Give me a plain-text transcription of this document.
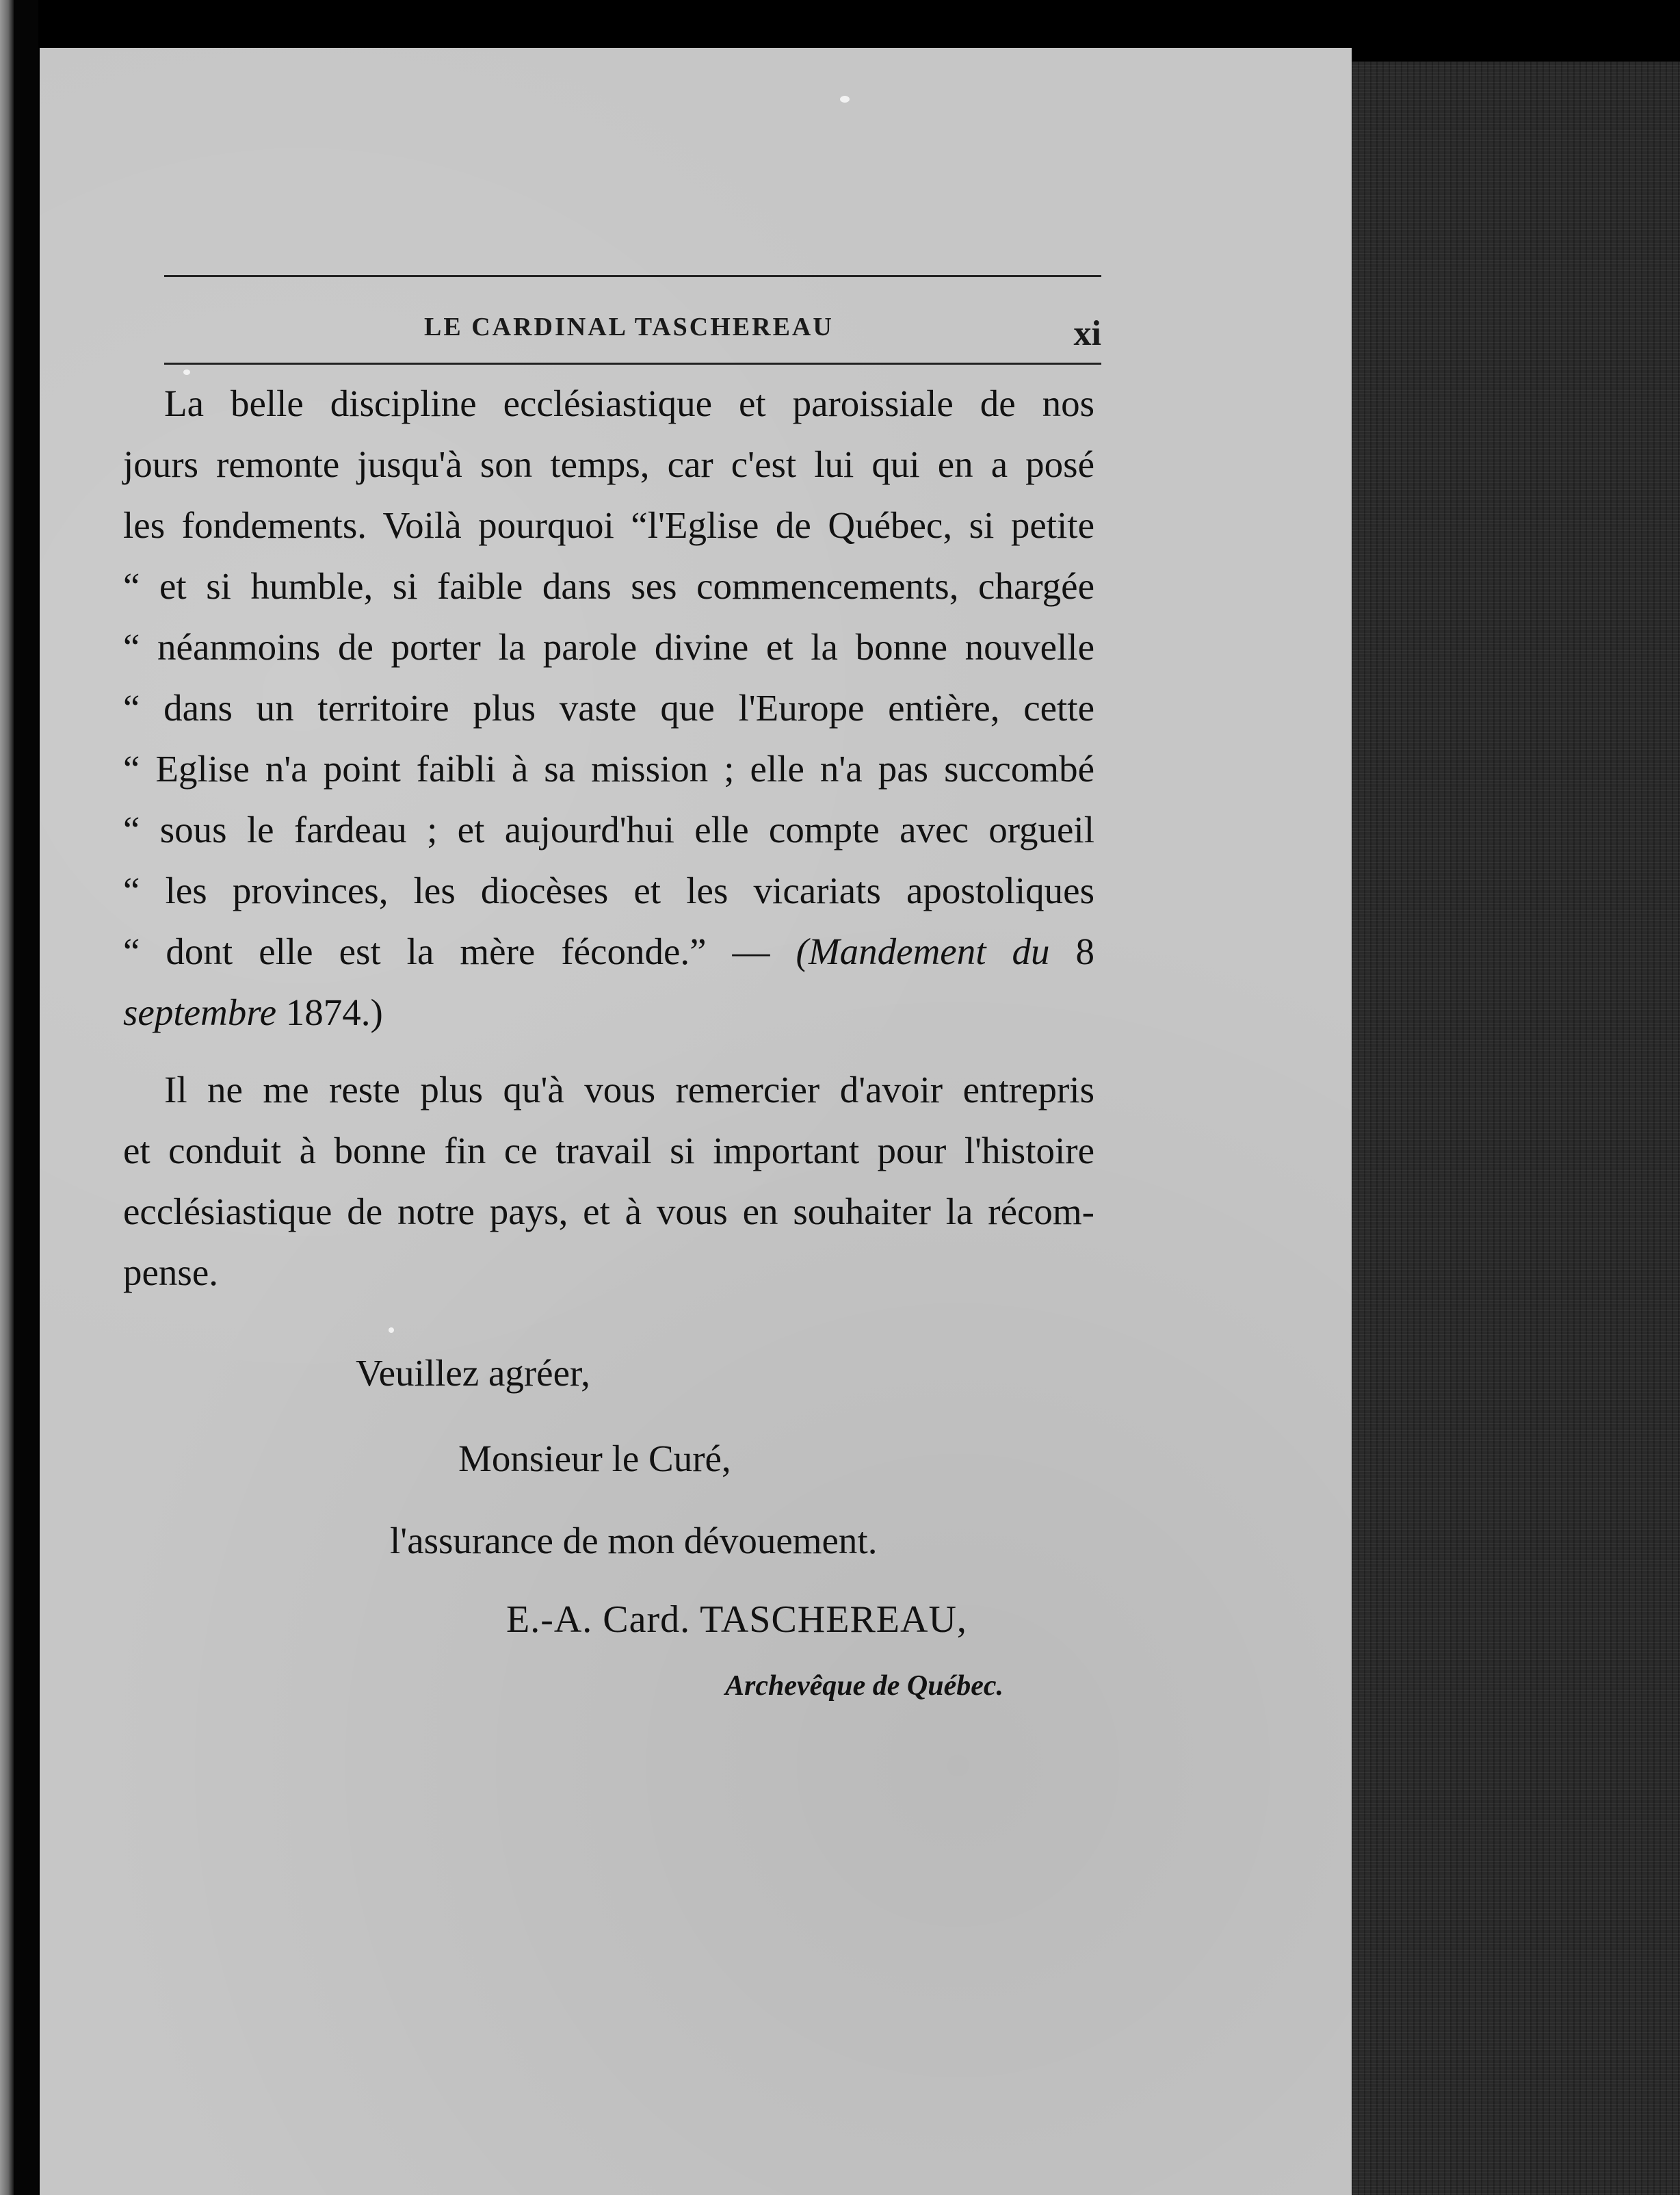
LE CARDINAL TASCHEREAU	xi
La belle discipline ecclésiastique et paroissiale de nos
jours remonte jusqu'à son temps, car c'est lui qui en a posé
les fondements. Voilà pourquoi “l'Eglise de Québec, si petite
“ et si humble, si faible dans ses commencements, chargée
“ néanmoins de porter la parole divine et la bonne nouvelle
“ dans un territoire plus vaste que l'Europe entière, cette
“ Eglise n'a point faibli à sa mission ; elle n'a pas succombé
“ sous le fardeau ; et aujourd'hui elle compte avec orgueil
“ les provinces, les diocèses et les vicariats apostoliques
“ dont elle est la mère féconde.” — (Mandement du 8
septembre 1874.)
Il ne me reste plus qu'à vous remercier d'avoir entrepris
et conduit à bonne fin ce travail si important pour l'histoire
ecclésiastique de notre pays, et à vous en souhaiter la récom-
pense.
Veuillez agréer,
Monsieur le Curé,
l'assurance de mon dévouement.
E.-A. Card. TASCHEREAU,
Archevêque de Québec.
